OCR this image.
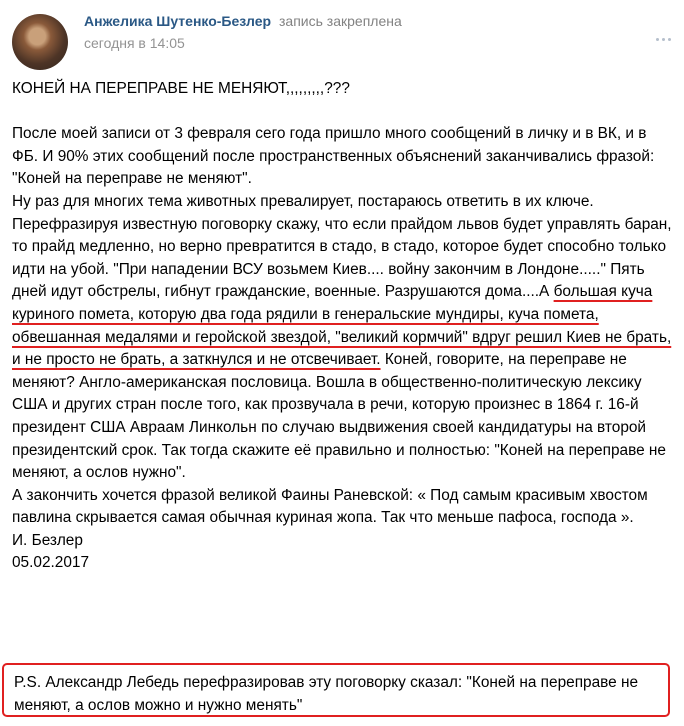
Анжелика Шутенко-Безлер запись закреплена
сегодня в 14:05

КОНЕЙ НА ПЕРЕПРАВЕ НЕ МЕНЯЮТ,,,,,,,,,???

После моей записи от 3 февраля сего года пришло много сообщений в личку и в ВК, и в ФБ. И 90% этих сообщений после пространственных объяснений заканчивались фразой: "Коней на переправе не меняют".

Ну раз для многих тема животных превалирует, постараюсь ответить в их ключе. Перефразируя известную поговорку скажу, что если прайдом львов будет управлять баран, то прайд медленно, но верно превратится в стадо, в стадо, которое будет способно только идти на убой. "При нападении ВСУ возьмем Киев.... войну закончим в Лондоне....." Пять дней идут обстрелы, гибнут гражданские, военные. Разрушаются дома....А большая куча куриного помета, которую два года рядили в генеральские мундиры, куча помета, обвешанная медалями и геройской звездой, "великий кормчий" вдруг решил Киев не брать, и не просто не брать, а заткнулся и не отсвечивает. Коней, говорите, на переправе не меняют? Англо-американская пословица. Вошла в общественно-политическую лексику США и других стран после того, как прозвучала в речи, которую произнес в 1864 г. 16-й президент США Авраам Линкольн по случаю выдвижения своей кандидатуры на второй президентский срок. Так тогда скажите её правильно и полностью: "Коней на переправе не меняют, а ослов нужно".

А закончить хочется фразой великой Фаины Раневской: « Под самым красивым хвостом павлина скрывается самая обычная куриная жопа. Так что меньше пафоса, господа ».

И. Безлер

05.02.2017

P.S. Александр Лебедь перефразировав эту поговорку сказал: "Коней на переправе не меняют, а ослов можно и нужно менять"
